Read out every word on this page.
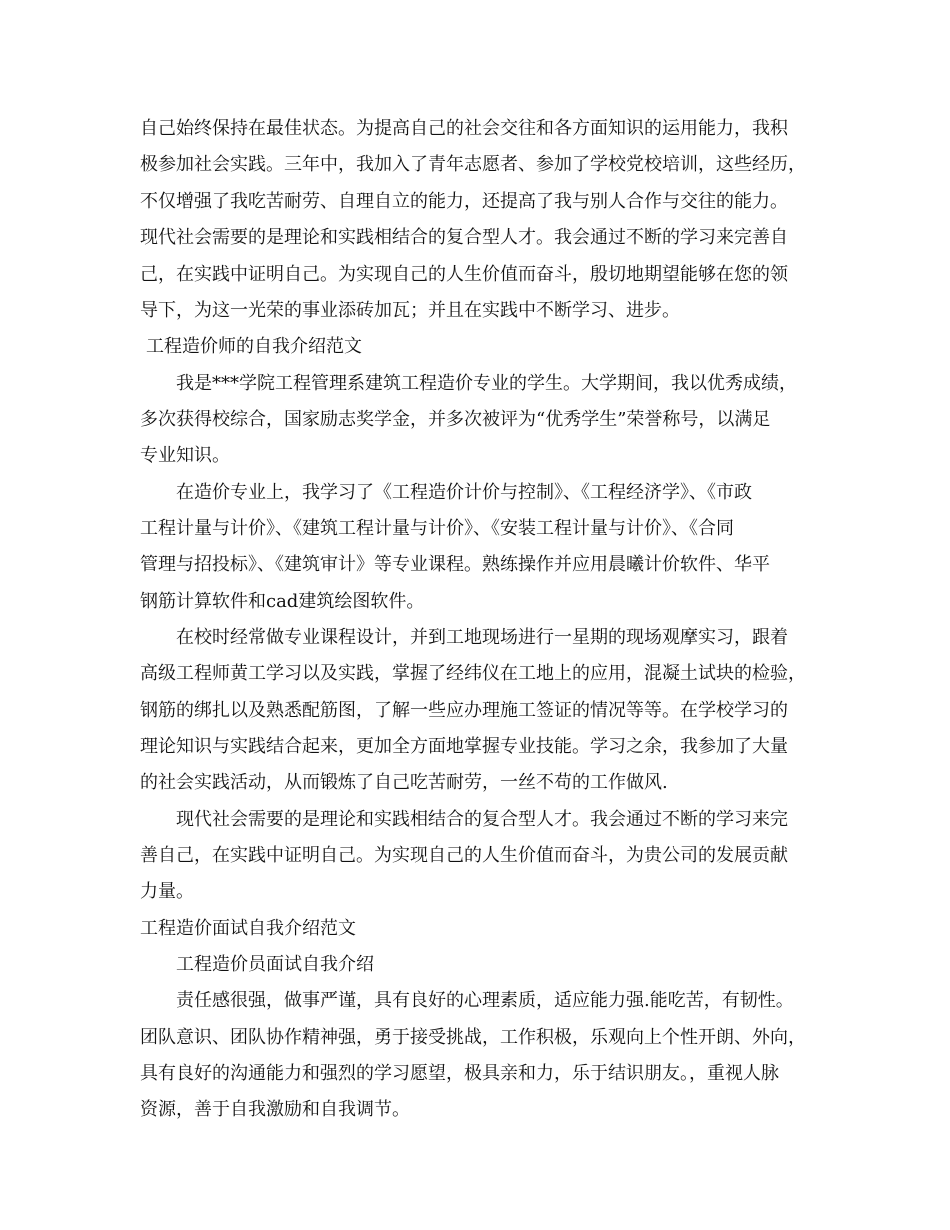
自己始终保持在最佳状态。为提高自己的社会交往和各方面知识的运用能力，我积
极参加社会实践。三年中，我加入了青年志愿者、参加了学校党校培训，这些经历，
不仅增强了我吃苦耐劳、自理自立的能力，还提高了我与别人合作与交往的能力。
现代社会需要的是理论和实践相结合的复合型人才。我会通过不断的学习来完善自
己，在实践中证明自己。为实现自己的人生价值而奋斗，殷切地期望能够在您的领
导下，为这一光荣的事业添砖加瓦；并且在实践中不断学习、进步。
工程造价师的自我介绍范文
我是***学院工程管理系建筑工程造价专业的学生。大学期间，我以优秀成绩，
多次获得校综合，国家励志奖学金，并多次被评为“优秀学生”荣誉称号，以满足
专业知识。
在造价专业上，我学习了《工程造价计价与控制》、《工程经济学》、《市政
工程计量与计价》、《建筑工程计量与计价》、《安装工程计量与计价》、《合同
管理与招投标》、《建筑审计》等专业课程。熟练操作并应用晨曦计价软件、华平
钢筋计算软件和cad建筑绘图软件。
在校时经常做专业课程设计，并到工地现场进行一星期的现场观摩实习，跟着
高级工程师黄工学习以及实践，掌握了经纬仪在工地上的应用，混凝土试块的检验，
钢筋的绑扎以及熟悉配筋图，了解一些应办理施工签证的情况等等。在学校学习的
理论知识与实践结合起来，更加全方面地掌握专业技能。学习之余，我参加了大量
的社会实践活动，从而锻炼了自己吃苦耐劳，一丝不苟的工作做风.
现代社会需要的是理论和实践相结合的复合型人才。我会通过不断的学习来完
善自己，在实践中证明自己。为实现自己的人生价值而奋斗，为贵公司的发展贡献
力量。
工程造价面试自我介绍范文
工程造价员面试自我介绍
责任感很强，做事严谨，具有良好的心理素质，适应能力强.能吃苦，有韧性。
团队意识、团队协作精神强，勇于接受挑战，工作积极，乐观向上个性开朗、外向，
具有良好的沟通能力和强烈的学习愿望，极具亲和力，乐于结识朋友。，重视人脉
资源，善于自我激励和自我调节。
